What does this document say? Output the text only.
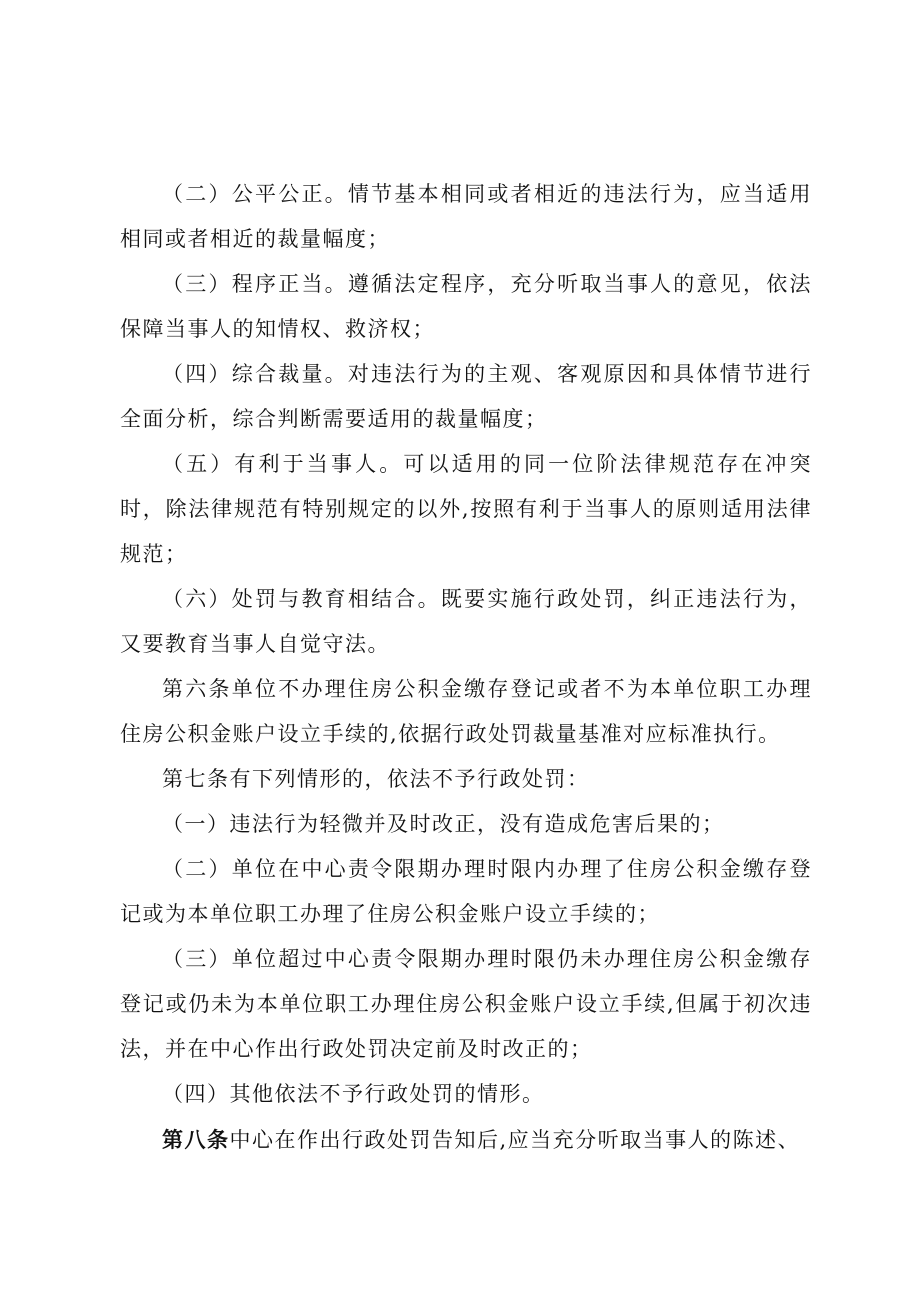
（二）公平公正。情节基本相同或者相近的违法行为，应当适用相同或者相近的裁量幅度；

（三）程序正当。遵循法定程序，充分听取当事人的意见，依法保障当事人的知情权、救济权；

（四）综合裁量。对违法行为的主观、客观原因和具体情节进行全面分析，综合判断需要适用的裁量幅度；

（五）有利于当事人。可以适用的同一位阶法律规范存在冲突时，除法律规范有特别规定的以外,按照有利于当事人的原则适用法律规范；

（六）处罚与教育相结合。既要实施行政处罚，纠正违法行为，又要教育当事人自觉守法。

第六条单位不办理住房公积金缴存登记或者不为本单位职工办理住房公积金账户设立手续的,依据行政处罚裁量基准对应标准执行。

第七条有下列情形的，依法不予行政处罚：

（一）违法行为轻微并及时改正，没有造成危害后果的；

（二）单位在中心责令限期办理时限内办理了住房公积金缴存登记或为本单位职工办理了住房公积金账户设立手续的；

（三）单位超过中心责令限期办理时限仍未办理住房公积金缴存登记或仍未为本单位职工办理住房公积金账户设立手续,但属于初次违法，并在中心作出行政处罚决定前及时改正的；

（四）其他依法不予行政处罚的情形。

第八条中心在作出行政处罚告知后,应当充分听取当事人的陈述、
